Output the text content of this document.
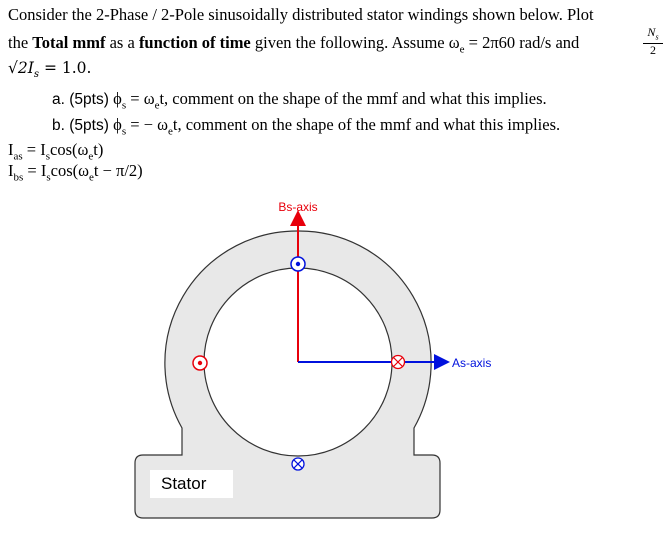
Consider the 2-Phase / 2-Pole sinusoidally distributed stator windings shown below. Plot
the Total mmf as a function of time given the following. Assume $\omega_e = 2\pi 60$ rad/s and	$\frac{N_s}{2}$
$√2I_s = 1.0$.
a. (5pts) $\phi_s = \omega_et$, comment on the shape of the mmf and what this implies.
b. (5pts) $\phi_s$ = − $\omega_et$, comment on the shape of the mmf and what this implies.
$I_{as} = I_s\cos(\omega_et)$
$I_{bs} = I_s\cos(\omega_et - \pi/2)$
Bs-axis
As-axis
Stator
